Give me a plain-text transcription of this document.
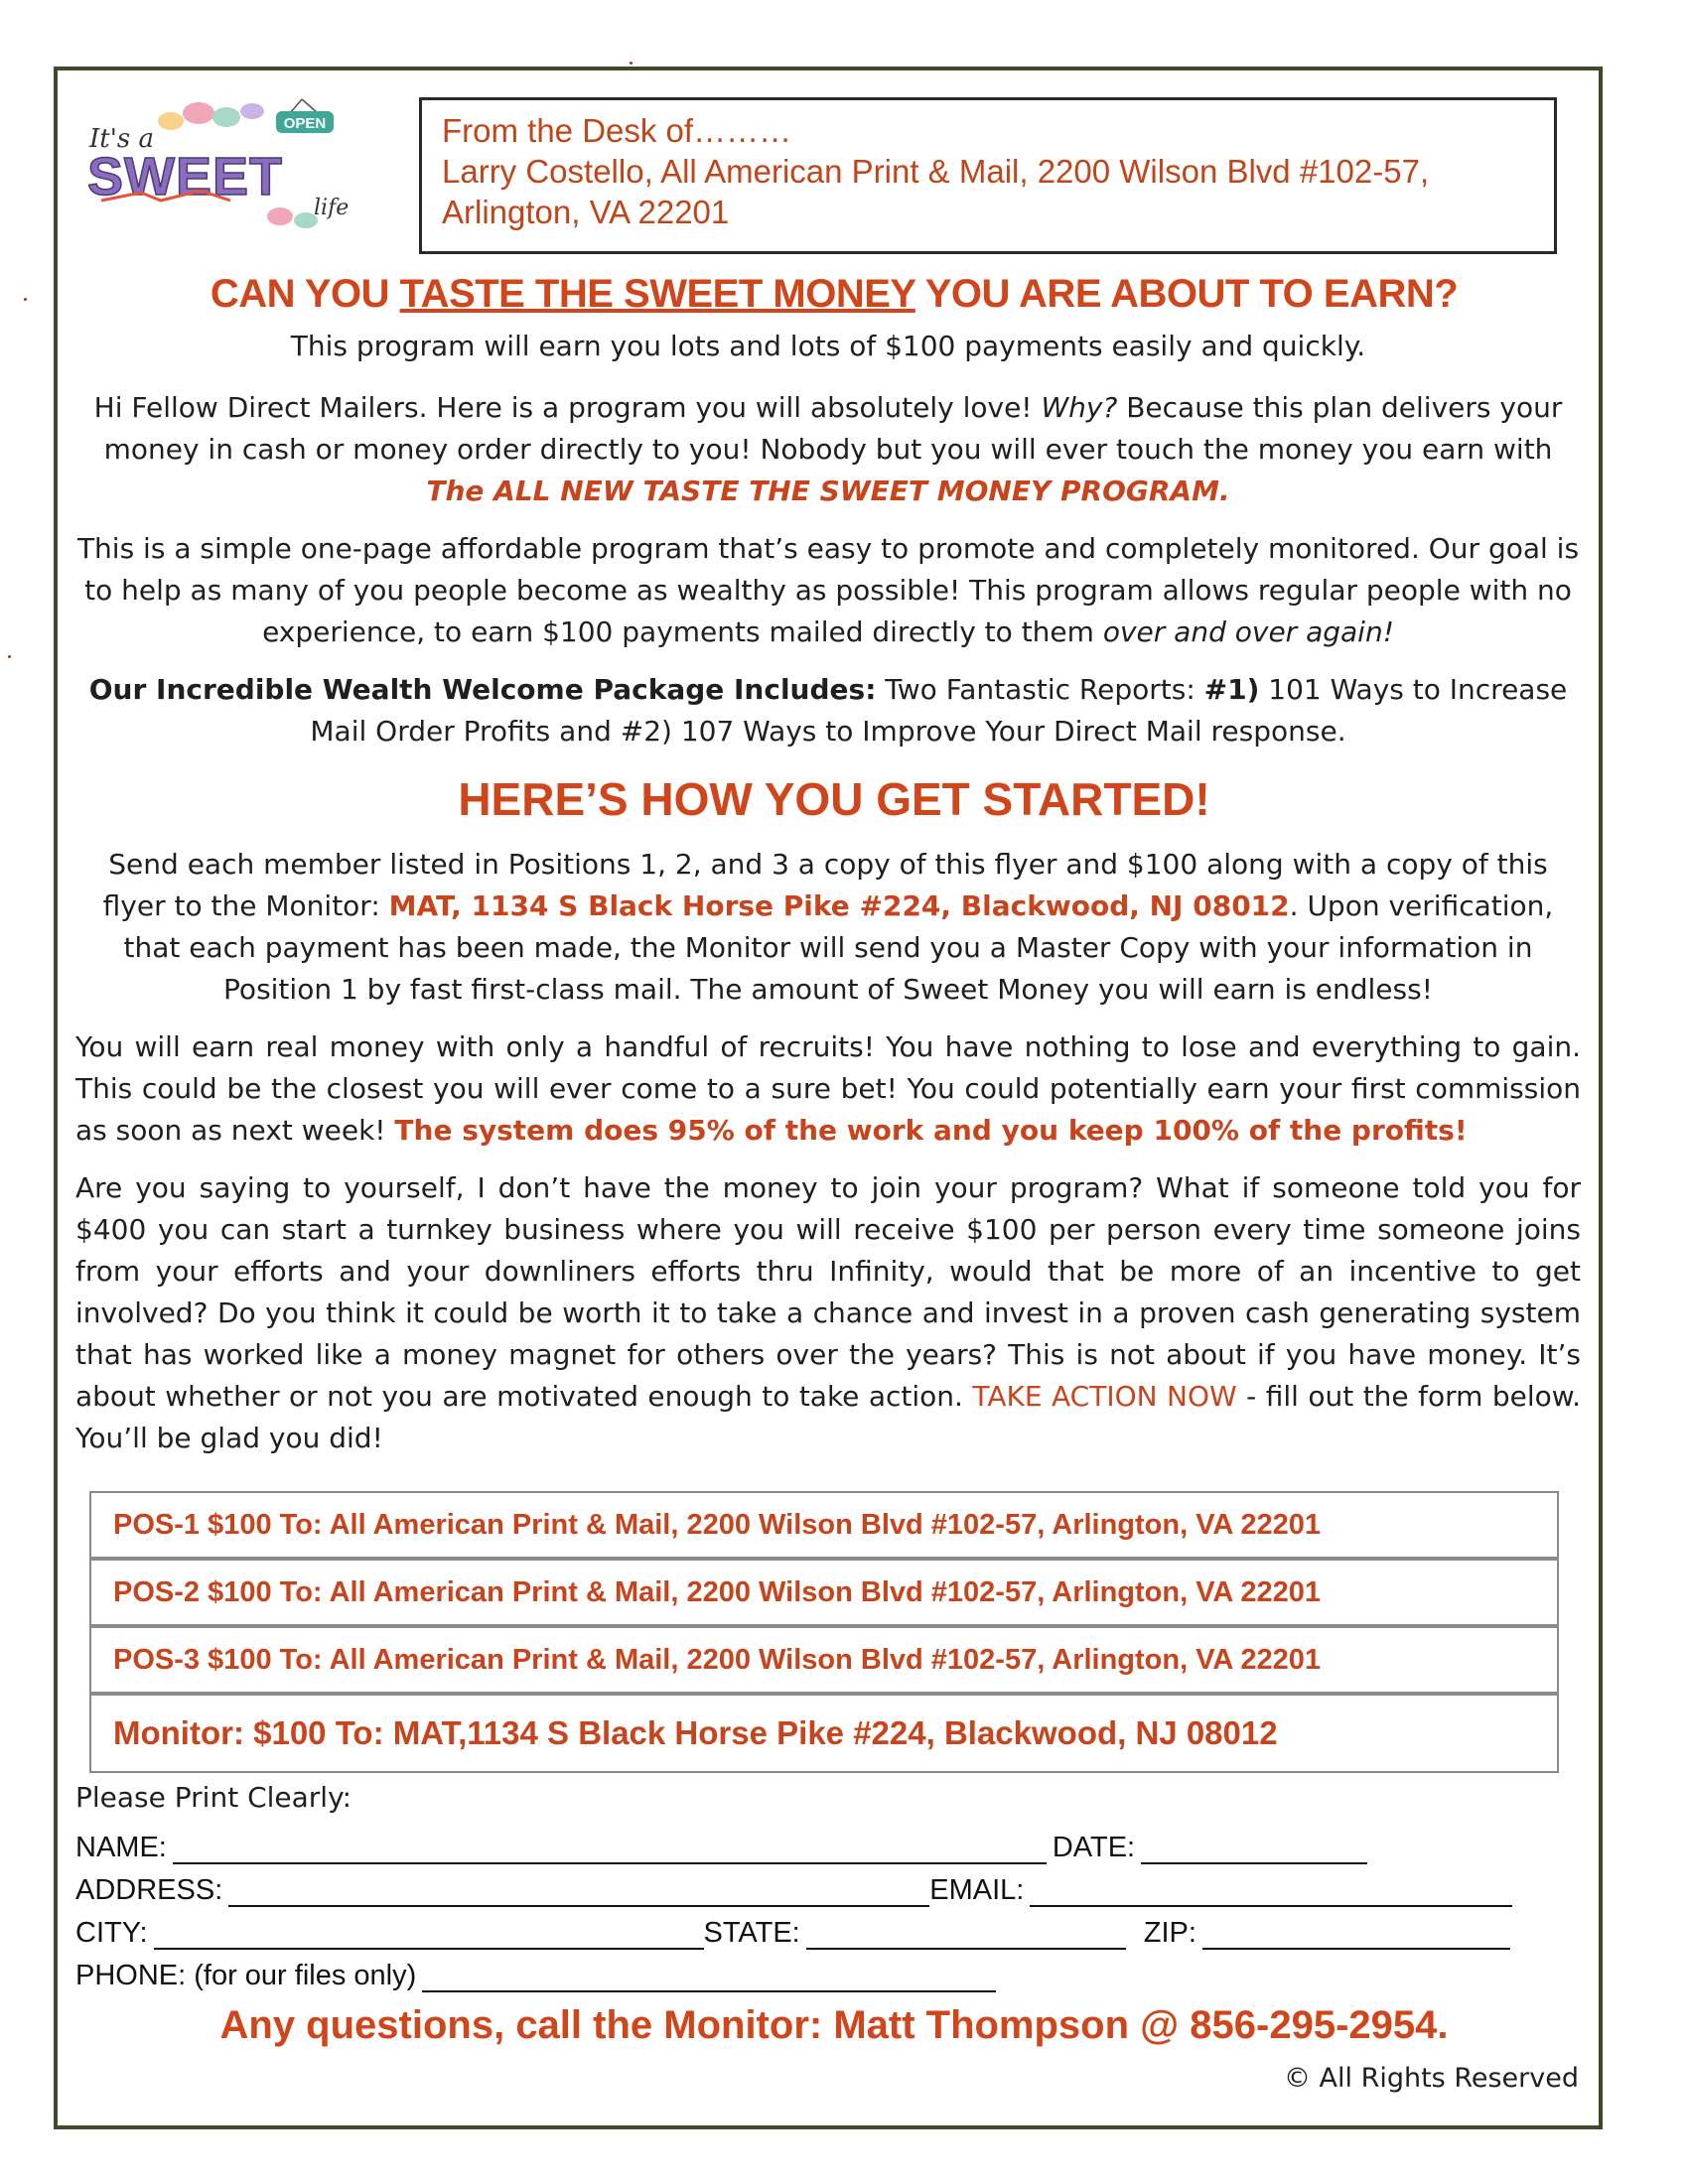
OPEN
It's a
SWEET
life
From the Desk of………
Larry Costello, All American Print & Mail, 2200 Wilson Blvd #102-57,
Arlington, VA 22201
CAN YOU TASTE THE SWEET MONEY YOU ARE ABOUT TO EARN?
This program will earn you lots and lots of $100 payments easily and quickly.
Hi Fellow Direct Mailers. Here is a program you will absolutely love! Why? Because this plan delivers your money in cash or money order directly to you! Nobody but you will ever touch the money you earn with
The ALL NEW TASTE THE SWEET MONEY PROGRAM.
This is a simple one-page affordable program that’s easy to promote and completely monitored. Our goal is to help as many of you people become as wealthy as possible! This program allows regular people with no experience, to earn $100 payments mailed directly to them over and over again!
Our Incredible Wealth Welcome Package Includes: Two Fantastic Reports: #1) 101 Ways to Increase Mail Order Profits and #2) 107 Ways to Improve Your Direct Mail response.
HERE’S HOW YOU GET STARTED!
Send each member listed in Positions 1, 2, and 3 a copy of this flyer and $100 along with a copy of this flyer to the Monitor: MAT, 1134 S Black Horse Pike #224, Blackwood, NJ 08012. Upon verification, that each payment has been made, the Monitor will send you a Master Copy with your information in Position 1 by fast first-class mail. The amount of Sweet Money you will earn is endless!
You will earn real money with only a handful of recruits! You have nothing to lose and everything to gain. This could be the closest you will ever come to a sure bet! You could potentially earn your first commission as soon as next week! The system does 95% of the work and you keep 100% of the profits!
Are you saying to yourself, I don’t have the money to join your program? What if someone told you for $400 you can start a turnkey business where you will receive $100 per person every time someone joins from your efforts and your downliners efforts thru Infinity, would that be more of an incentive to get involved? Do you think it could be worth it to take a chance and invest in a proven cash generating system that has worked like a money magnet for others over the years? This is not about if you have money. It’s about whether or not you are motivated enough to take action. TAKE ACTION NOW - fill out the form below. You’ll be glad you did!
POS-1 $100 To: All American Print & Mail, 2200 Wilson Blvd #102-57, Arlington, VA 22201
POS-2 $100 To: All American Print & Mail, 2200 Wilson Blvd #102-57, Arlington, VA 22201
POS-3 $100 To: All American Print & Mail, 2200 Wilson Blvd #102-57, Arlington, VA 22201
Monitor: $100 To: MAT,1134 S Black Horse Pike #224, Blackwood, NJ 08012
Please Print Clearly:
NAME:	DATE:
ADDRESS:	EMAIL:
CITY:	STATE:	ZIP:
PHONE: (for our files only)
Any questions, call the Monitor: Matt Thompson @ 856-295-2954.
© All Rights Reserved
